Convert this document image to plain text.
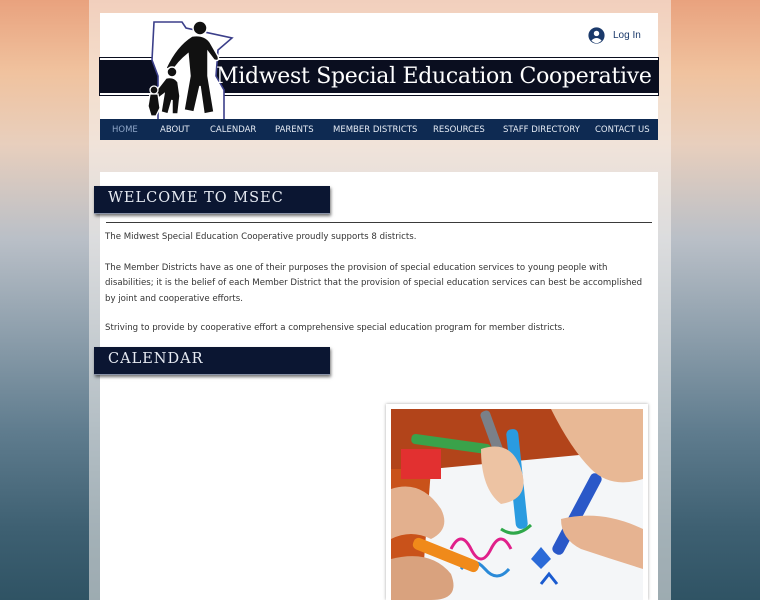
Midwest Special Education Cooperative
Log In
HOME	ABOUT CALENDAR PARENTS MEMBER DISTRICTS RESOURCES STAFF DIRECTORY CONTACT US
WELCOME TO MSEC

The Midwest Special Education Cooperative proudly supports 8 districts.

The Member Districts have as one of their purposes the provision of special education services to young people with disabilities; it is the belief of each Member District that the provision of special education services can best be accomplished by joint and cooperative efforts.

Striving to provide by cooperative effort a comprehensive special education program for member districts.

CALENDAR
